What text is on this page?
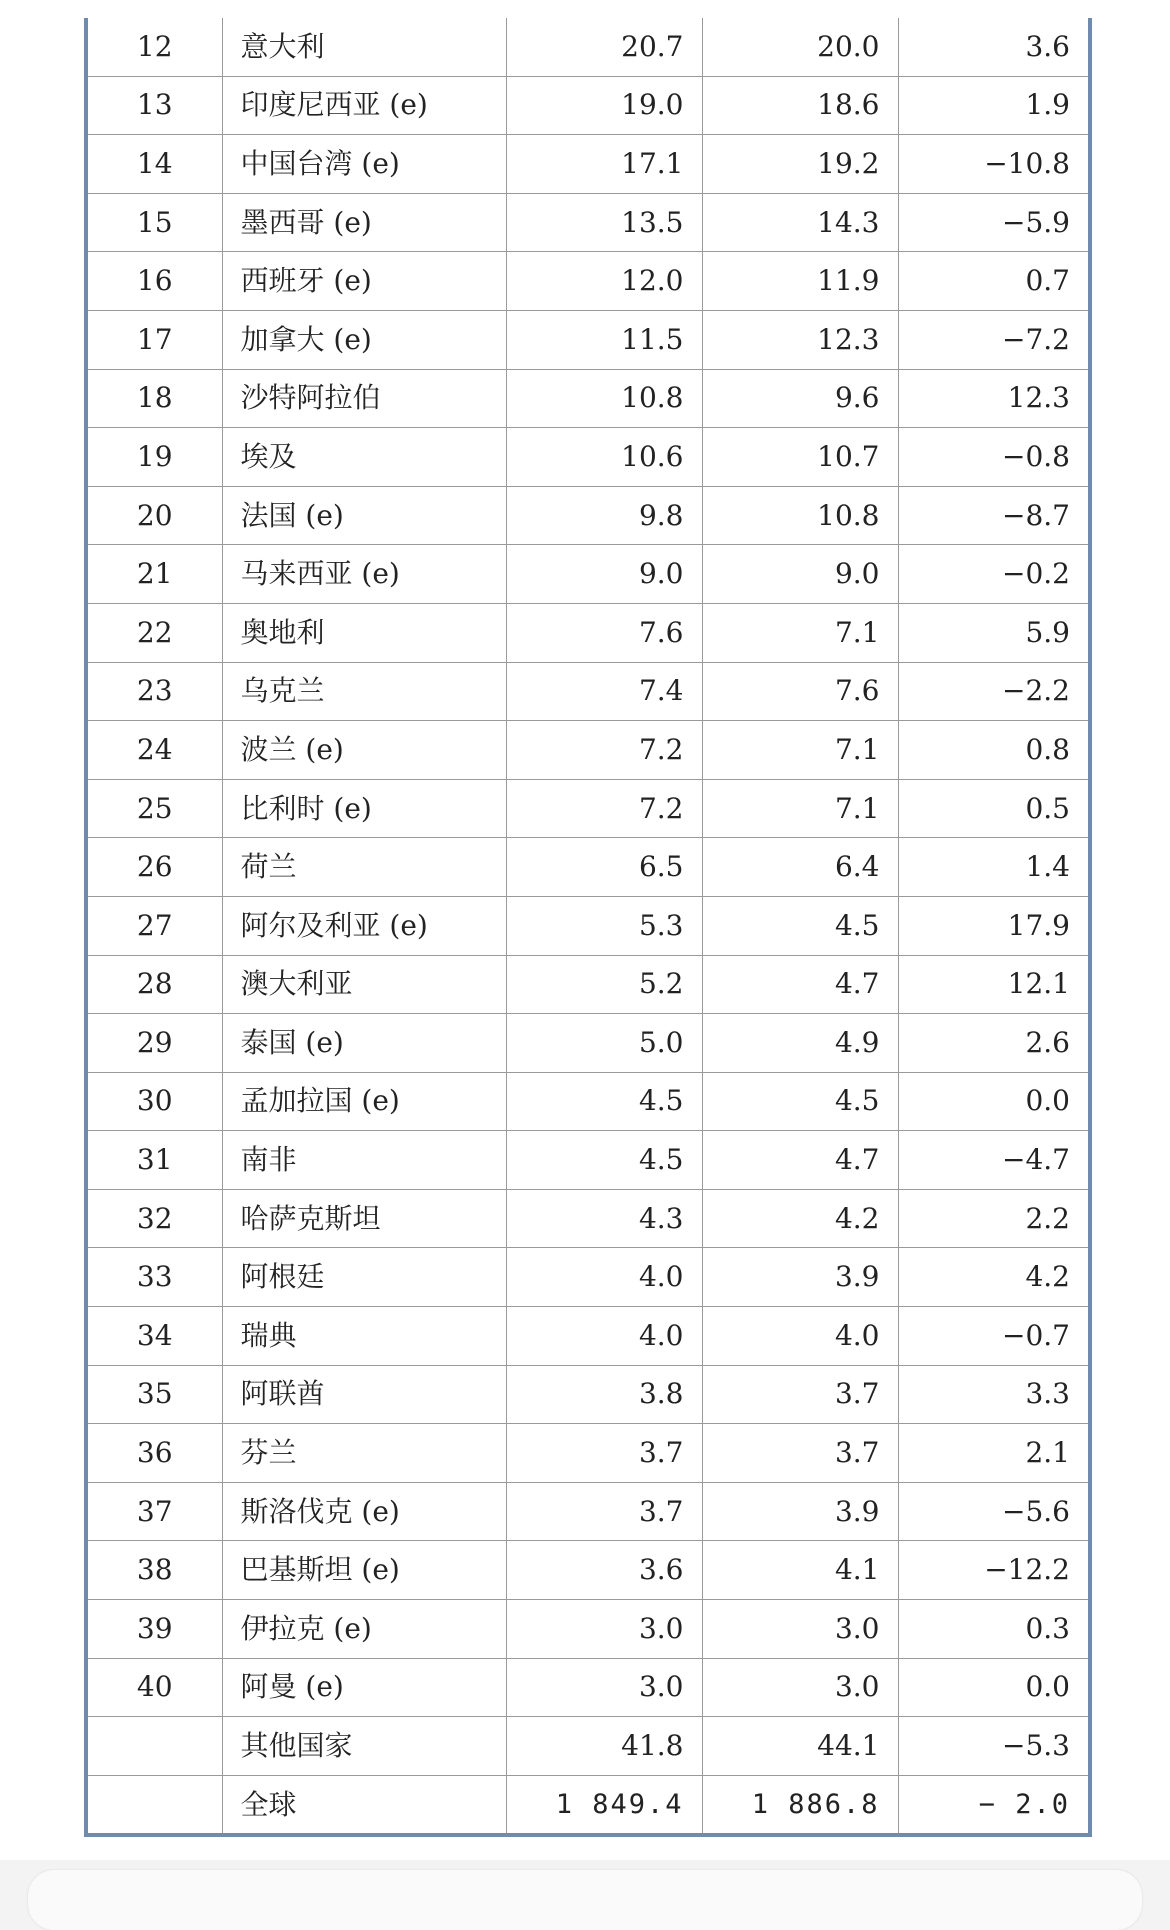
12	意大利	20.7	20.0	3.6
13	印度尼西亚 (e)	19.0	18.6	1.9
14	中国台湾 (e)	17.1	19.2	−10.8
15	墨西哥 (e)	13.5	14.3	−5.9
16	西班牙 (e)	12.0	11.9	0.7
17	加拿大 (e)	11.5	12.3	−7.2
18	沙特阿拉伯	10.8	9.6	12.3
19	埃及	10.6	10.7	−0.8
20	法国 (e)	9.8	10.8	−8.7
21	马来西亚 (e)	9.0	9.0	−0.2
22	奥地利	7.6	7.1	5.9
23	乌克兰	7.4	7.6	−2.2
24	波兰 (e)	7.2	7.1	0.8
25	比利时 (e)	7.2	7.1	0.5
26	荷兰	6.5	6.4	1.4
27	阿尔及利亚 (e)	5.3	4.5	17.9
28	澳大利亚	5.2	4.7	12.1
29	泰国 (e)	5.0	4.9	2.6
30	孟加拉国 (e)	4.5	4.5	0.0
31	南非	4.5	4.7	−4.7
32	哈萨克斯坦	4.3	4.2	2.2
33	阿根廷	4.0	3.9	4.2
34	瑞典	4.0	4.0	−0.7
35	阿联酋	3.8	3.7	3.3
36	芬兰	3.7	3.7	2.1
37	斯洛伐克 (e)	3.7	3.9	−5.6
38	巴基斯坦 (e)	3.6	4.1	−12.2
39	伊拉克 (e)	3.0	3.0	0.3
40	阿曼 (e)	3.0	3.0	0.0
	其他国家	41.8	44.1	−5.3
	全球	1 849.4	1 886.8	− 2.0
